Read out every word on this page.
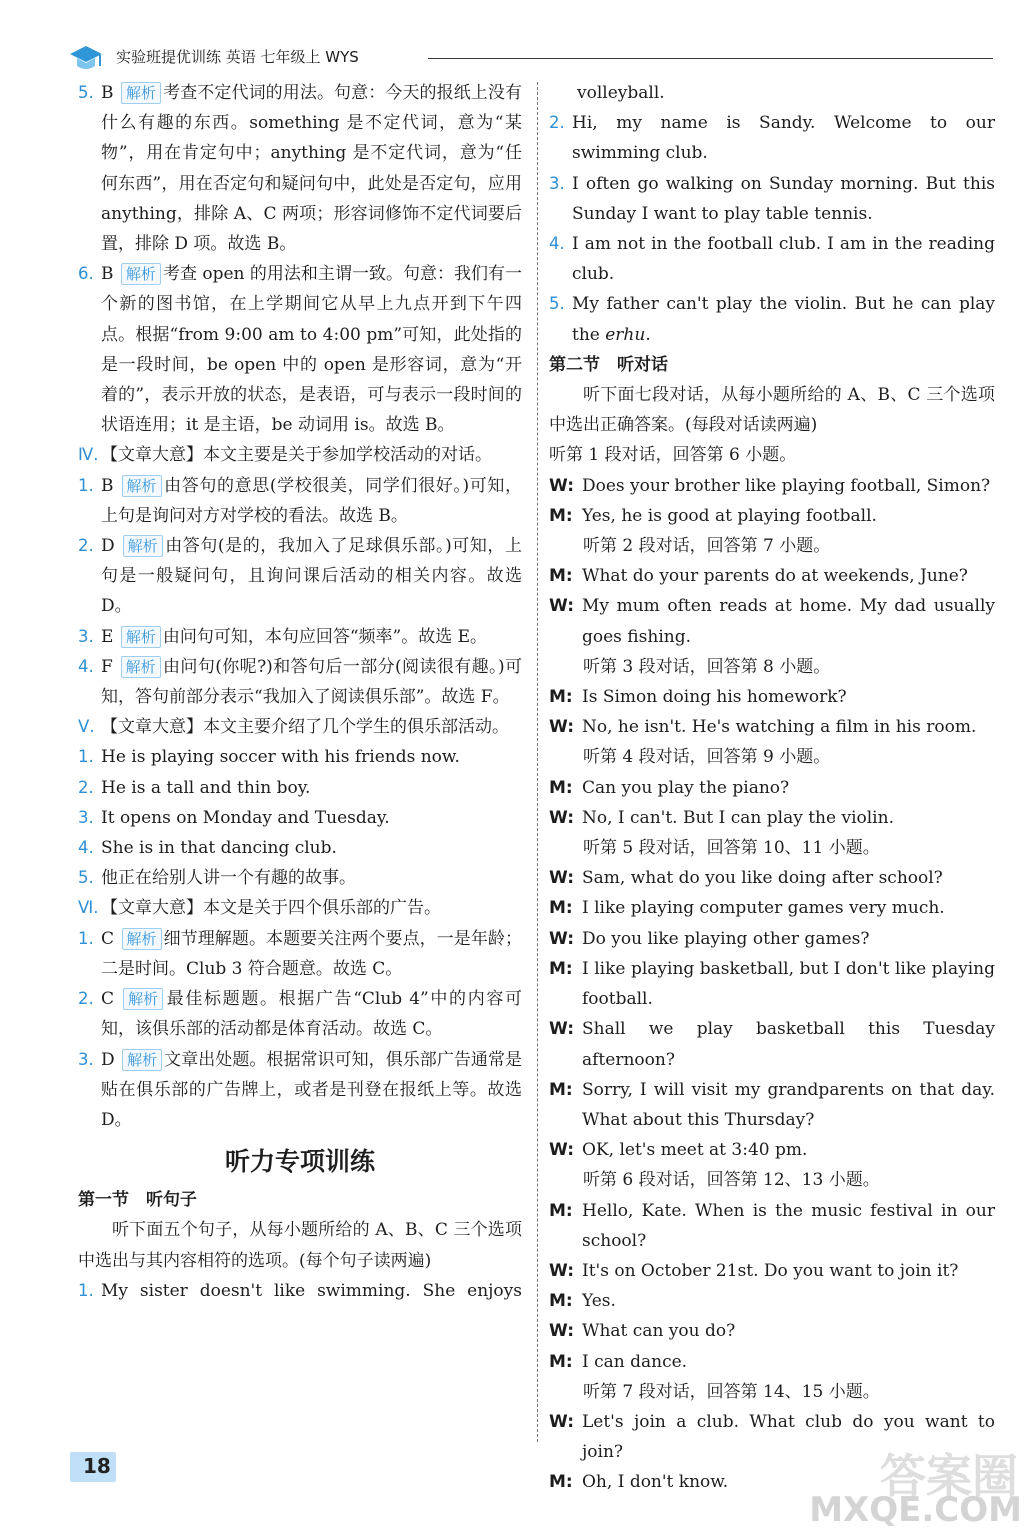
实验班提优训练 英语 七年级上 WYS
5. B 解析 考查不定代词的用法。句意：今天的报纸上没有什么有趣的东西。something 是不定代词，意为“某物”，用在肯定句中；anything 是不定代词，意为“任何东西”，用在否定句和疑问句中，此处是否定句，应用 anything，排除 A、C 两项；形容词修饰不定代词要后置，排除 D 项。故选 B。
6. B 解析 考查 open 的用法和主谓一致。句意：我们有一个新的图书馆，在上学期间它从早上九点开到下午四点。根据“from 9:00 am to 4:00 pm”可知，此处指的是一段时间，be open 中的 open 是形容词，意为“开着的”，表示开放的状态，是表语，可与表示一段时间的状语连用；it 是主语，be 动词用 is。故选 B。
Ⅳ. 【文章大意】本文主要是关于参加学校活动的对话。
1. B 解析 由答句的意思(学校很美，同学们很好。)可知，上句是询问对方对学校的看法。故选 B。
2. D 解析 由答句(是的，我加入了足球俱乐部。)可知，上句是一般疑问句，且询问课后活动的相关内容。故选 D。
3. E 解析 由问句可知，本句应回答“频率”。故选 E。
4. F 解析 由问句(你呢?)和答句后一部分(阅读很有趣。)可知，答句前部分表示“我加入了阅读俱乐部”。故选 F。
Ⅴ. 【文章大意】本文主要介绍了几个学生的俱乐部活动。
1. He is playing soccer with his friends now.
2. He is a tall and thin boy.
3. It opens on Monday and Tuesday.
4. She is in that dancing club.
5. 他正在给别人讲一个有趣的故事。
Ⅵ. 【文章大意】本文是关于四个俱乐部的广告。
1. C 解析 细节理解题。本题要关注两个要点，一是年龄；二是时间。Club 3 符合题意。故选 C。
2. C 解析 最佳标题题。根据广告“Club 4”中的内容可知，该俱乐部的活动都是体育活动。故选 C。
3. D 解析 文章出处题。根据常识可知，俱乐部广告通常是贴在俱乐部的广告牌上，或者是刊登在报纸上等。故选 D。
听力专项训练
第一节　听句子
听下面五个句子，从每小题所给的 A、B、C 三个选项中选出与其内容相符的选项。(每个句子读两遍)
1. My sister doesn't like swimming. She enjoys
volleyball.
2. Hi, my name is Sandy. Welcome to our swimming club.
3. I often go walking on Sunday morning. But this Sunday I want to play table tennis.
4. I am not in the football club. I am in the reading club.
5. My father can't play the violin. But he can play the erhu.
第二节　听对话
听下面七段对话，从每小题所给的 A、B、C 三个选项中选出正确答案。(每段对话读两遍)
听第 1 段对话，回答第 6 小题。
W: Does your brother like playing football, Simon?
M: Yes, he is good at playing football.
听第 2 段对话，回答第 7 小题。
M: What do your parents do at weekends, June?
W: My mum often reads at home. My dad usually goes fishing.
听第 3 段对话，回答第 8 小题。
M: Is Simon doing his homework?
W: No, he isn't. He's watching a film in his room.
听第 4 段对话，回答第 9 小题。
M: Can you play the piano?
W: No, I can't. But I can play the violin.
听第 5 段对话，回答第 10、11 小题。
W: Sam, what do you like doing after school?
M: I like playing computer games very much.
W: Do you like playing other games?
M: I like playing basketball, but I don't like playing football.
W: Shall we play basketball this Tuesday afternoon?
M: Sorry, I will visit my grandparents on that day. What about this Thursday?
W: OK, let's meet at 3:40 pm.
听第 6 段对话，回答第 12、13 小题。
M: Hello, Kate. When is the music festival in our school?
W: It's on October 21st. Do you want to join it?
M: Yes.
W: What can you do?
M: I can dance.
听第 7 段对话，回答第 14、15 小题。
W: Let's join a club. What club do you want to join?
M: Oh, I don't know.
18	答案圈
MXQE.COM
